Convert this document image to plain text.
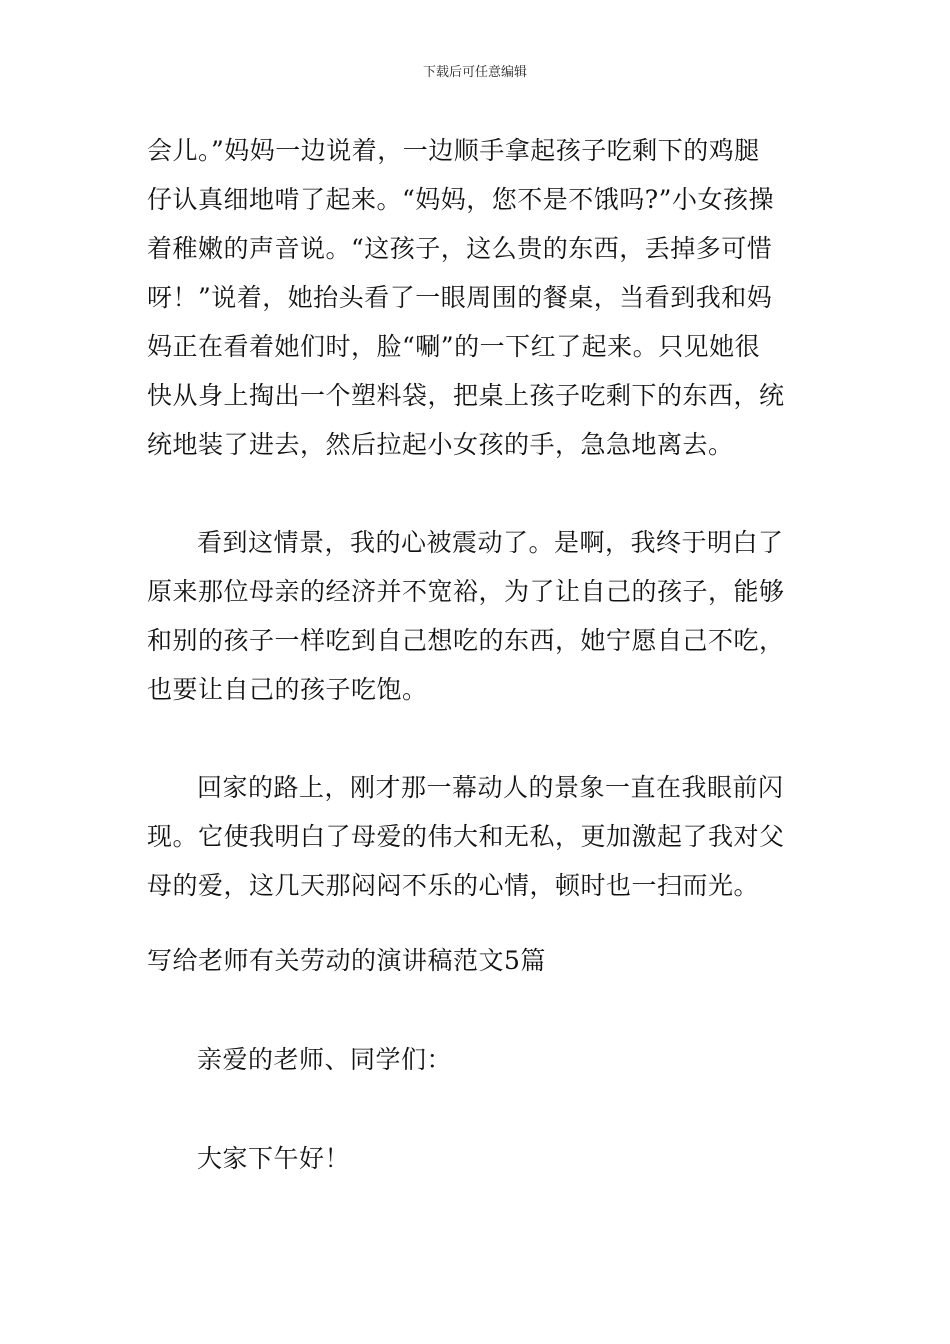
下载后可任意编辑
会儿。”妈妈一边说着，一边顺手拿起孩子吃剩下的鸡腿
仔认真细地啃了起来。“妈妈，您不是不饿吗?”小女孩操
着稚嫩的声音说。“这孩子，这么贵的东西，丢掉多可惜
呀！”说着，她抬头看了一眼周围的餐桌，当看到我和妈
妈正在看着她们时，脸“唰”的一下红了起来。只见她很
快从身上掏出一个塑料袋，把桌上孩子吃剩下的东西，统
统地装了进去，然后拉起小女孩的手，急急地离去。
看到这情景，我的心被震动了。是啊，我终于明白了
原来那位母亲的经济并不宽裕，为了让自己的孩子，能够
和别的孩子一样吃到自己想吃的东西，她宁愿自己不吃，
也要让自己的孩子吃饱。
回家的路上，刚才那一幕动人的景象一直在我眼前闪
现。它使我明白了母爱的伟大和无私，更加激起了我对父
母的爱，这几天那闷闷不乐的心情，顿时也一扫而光。
写给老师有关劳动的演讲稿范文5篇
亲爱的老师、同学们：
大家下午好！
